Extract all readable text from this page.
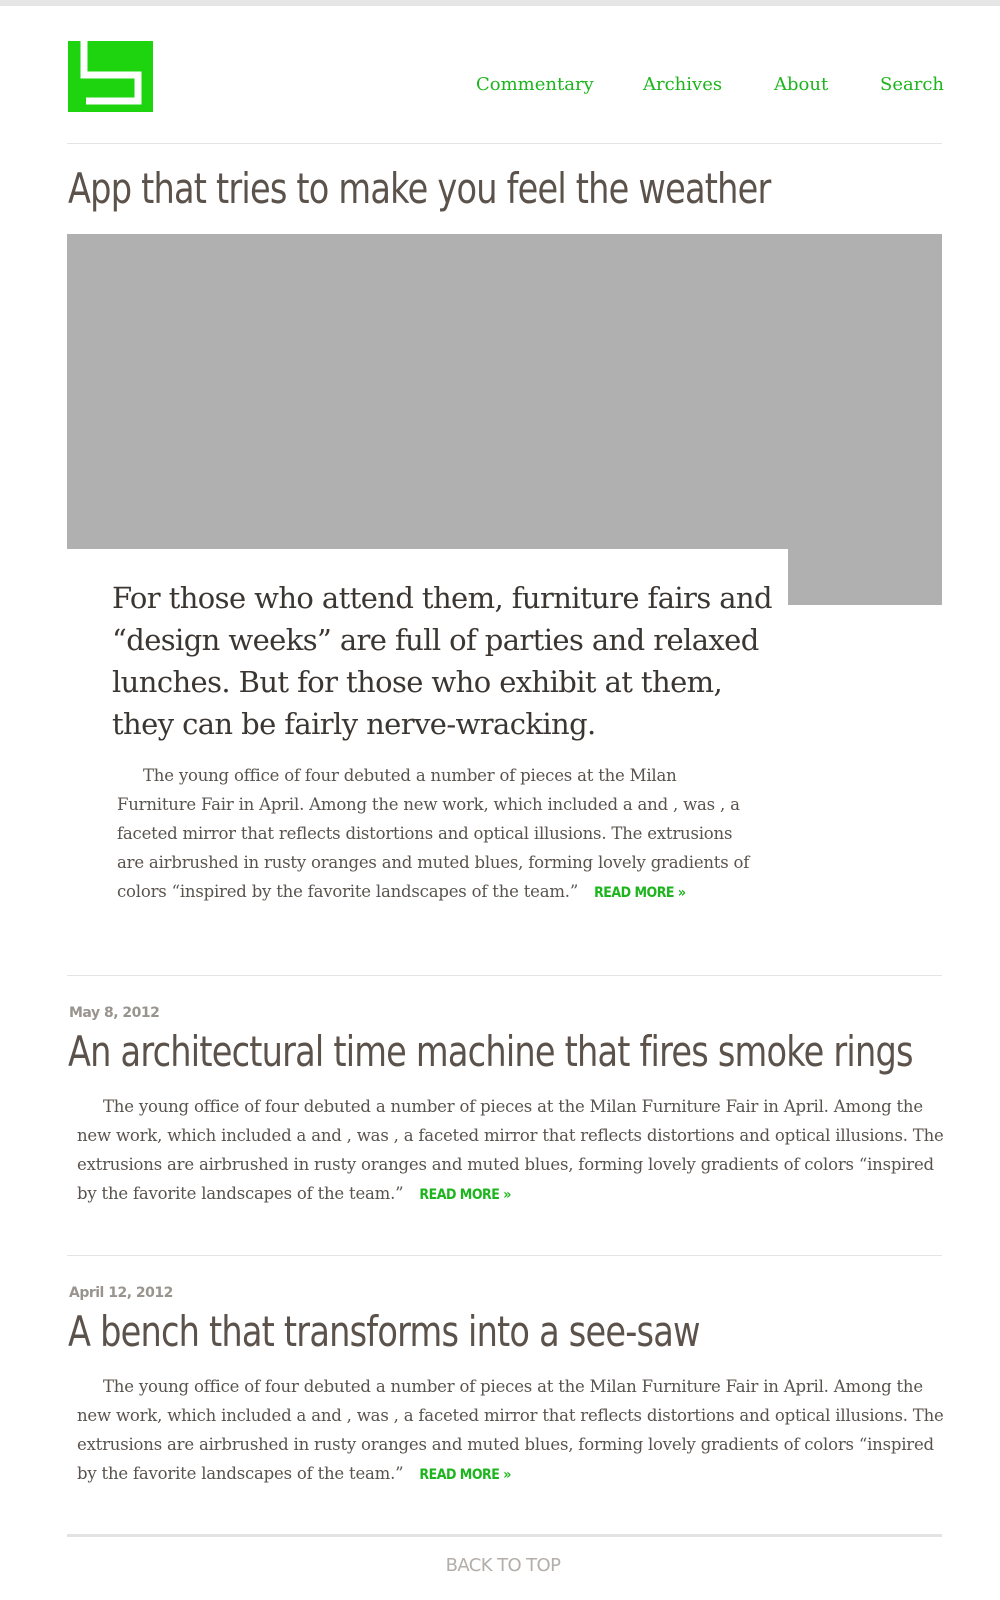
Commentary	Archives	About	Search
App that tries to make you feel the weather

For those who attend them, furniture fairs and “design weeks” are full of parties and relaxed lunches. But for those who exhibit at them, they can be fairly nerve-wracking.

The young office of four debuted a number of pieces at the Milan Furniture Fair in April. Among the new work, which included a and , was , a faceted mirror that reflects distortions and optical illusions. The extrusions are airbrushed in rusty oranges and muted blues, forming lovely gradients of colors “inspired by the favorite landscapes of the team.” READ MORE »

May 8, 2012
An architectural time machine that fires smoke rings

The young office of four debuted a number of pieces at the Milan Furniture Fair in April. Among the new work, which included a and , was , a faceted mirror that reflects distortions and optical illusions. The extrusions are airbrushed in rusty oranges and muted blues, forming lovely gradients of colors “inspired by the favorite landscapes of the team.” READ MORE »

April 12, 2012
A bench that transforms into a see-saw

The young office of four debuted a number of pieces at the Milan Furniture Fair in April. Among the new work, which included a and , was , a faceted mirror that reflects distortions and optical illusions. The extrusions are airbrushed in rusty oranges and muted blues, forming lovely gradients of colors “inspired by the favorite landscapes of the team.” READ MORE »

BACK TO TOP
